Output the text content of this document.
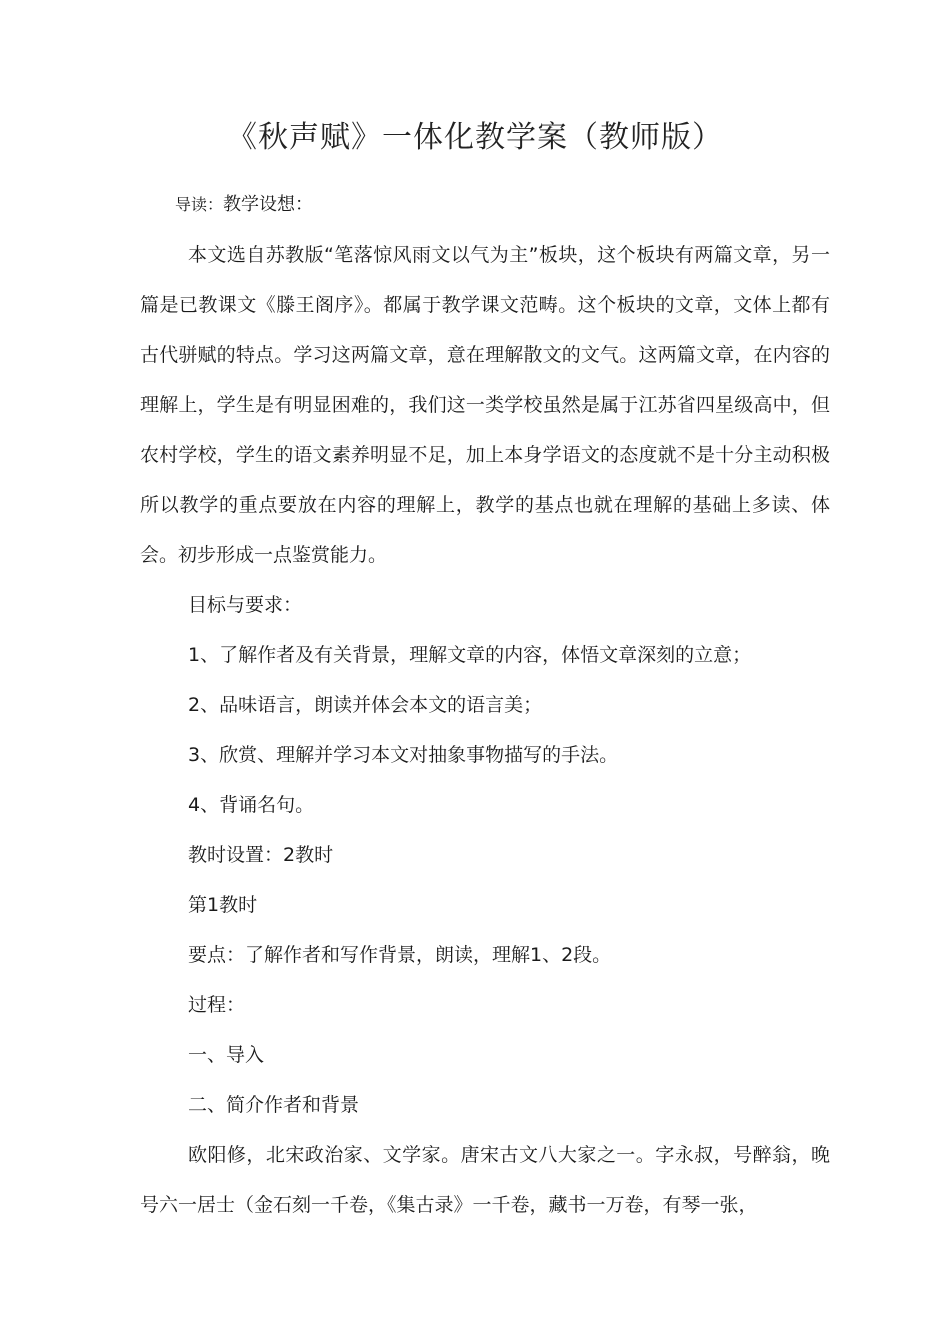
《秋声赋》一体化教学案（教师版）
导读：教学设想：

本文选自苏教版“笔落惊风雨文以气为主”板块，这个板块有两篇文章，另一篇是已教课文《滕王阁序》。都属于教学课文范畴。这个板块的文章，文体上都有古代骈赋的特点。学习这两篇文章，意在理解散文的文气。这两篇文章，在内容的理解上，学生是有明显困难的，我们这一类学校虽然是属于江苏省四星级高中，但农村学校，学生的语文素养明显不足，加上本身学语文的态度就不是十分主动积极所以教学的重点要放在内容的理解上，教学的基点也就在理解的基础上多读、体会。初步形成一点鉴赏能力。

目标与要求：

1、了解作者及有关背景，理解文章的内容，体悟文章深刻的立意；

2、品味语言，朗读并体会本文的语言美；

3、欣赏、理解并学习本文对抽象事物描写的手法。

4、背诵名句。

教时设置：2教时

第1教时

要点：了解作者和写作背景，朗读，理解1、2段。

过程：

一、导入

二、简介作者和背景

欧阳修，北宋政治家、文学家。唐宋古文八大家之一。字永叔，号醉翁，晚号六一居士（金石刻一千卷，《集古录》一千卷，藏书一万卷，有琴一张，
